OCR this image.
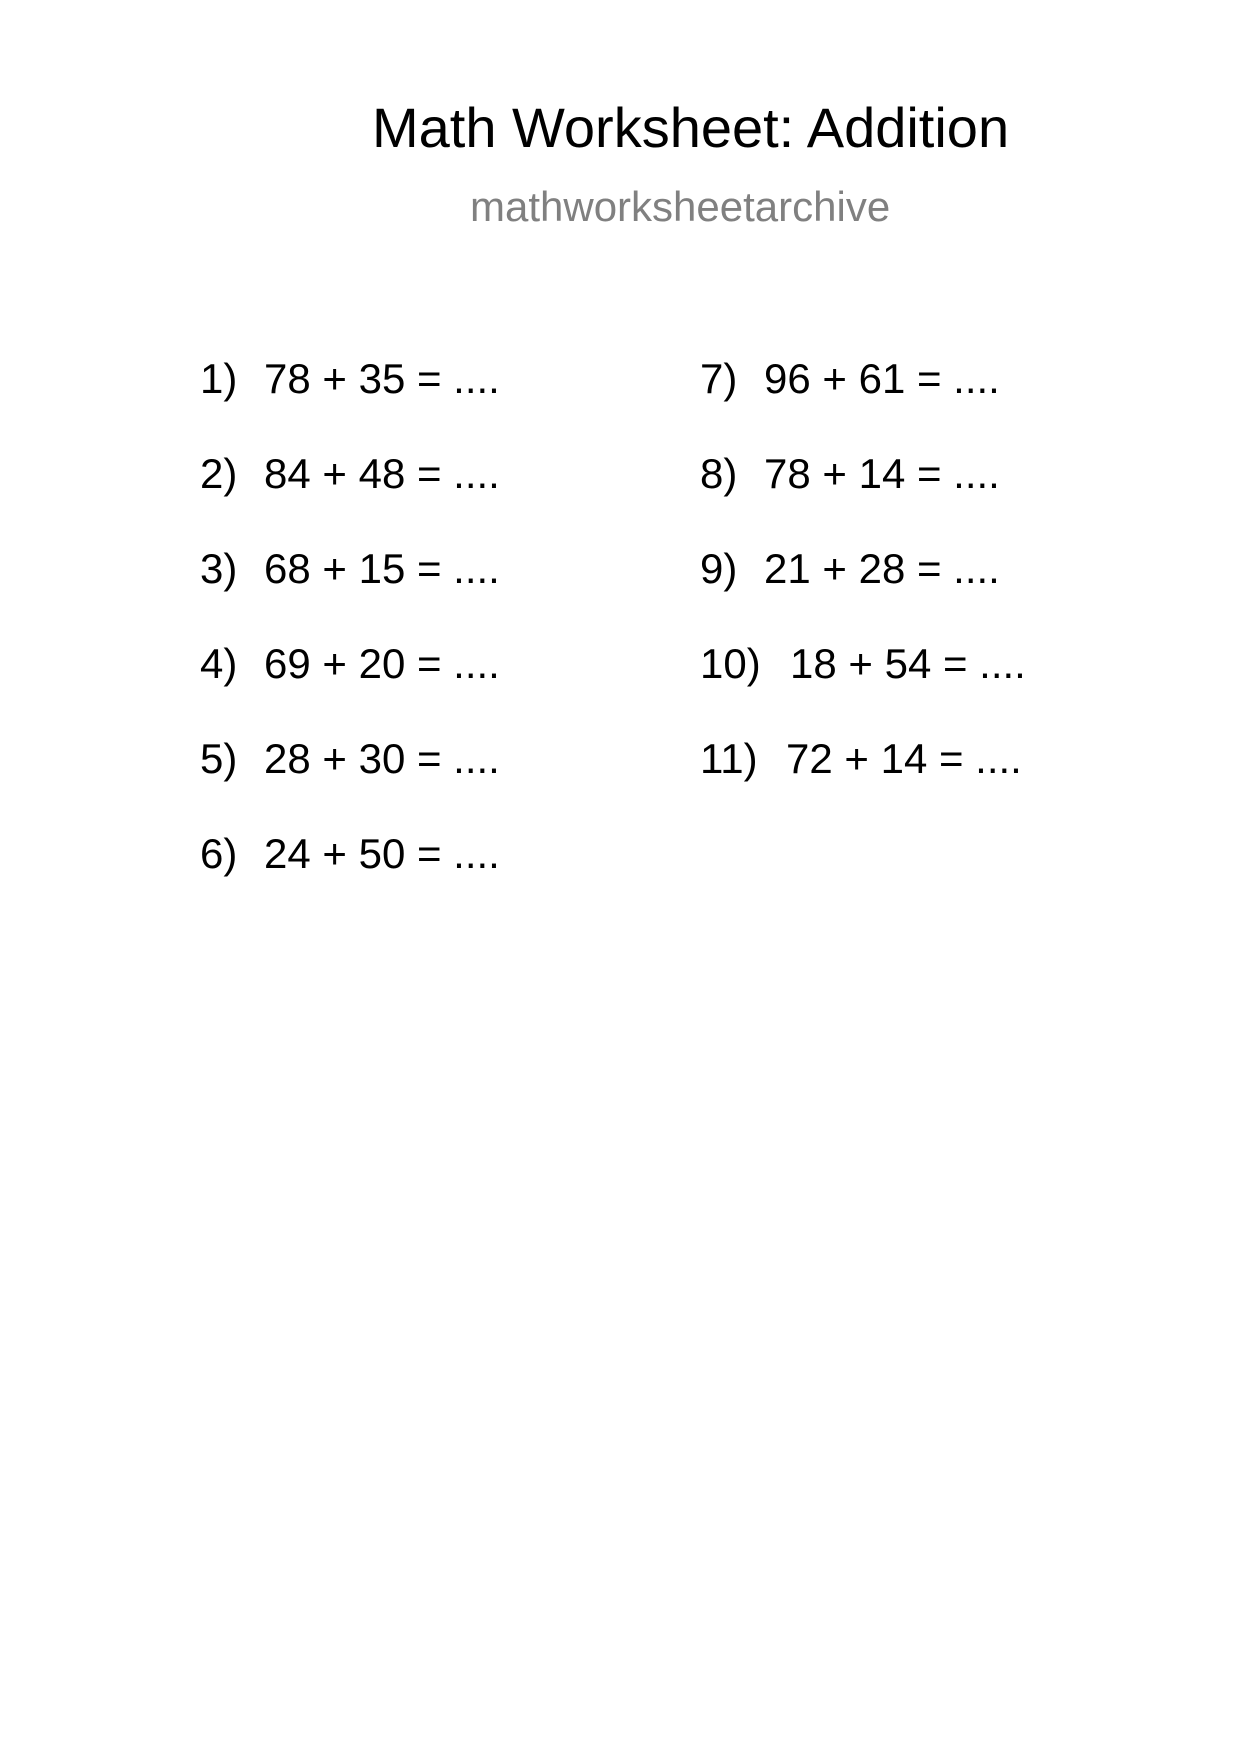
Math Worksheet: Addition
mathworksheetarchive
1) 78 + 35 = ....
2) 84 + 48 = ....
3) 68 + 15 = ....
4) 69 + 20 = ....
5) 28 + 30 = ....
6) 24 + 50 = ....
7) 96 + 61 = ....
8) 78 + 14 = ....
9) 21 + 28 = ....
10) 18 + 54 = ....
11) 72 + 14 = ....
